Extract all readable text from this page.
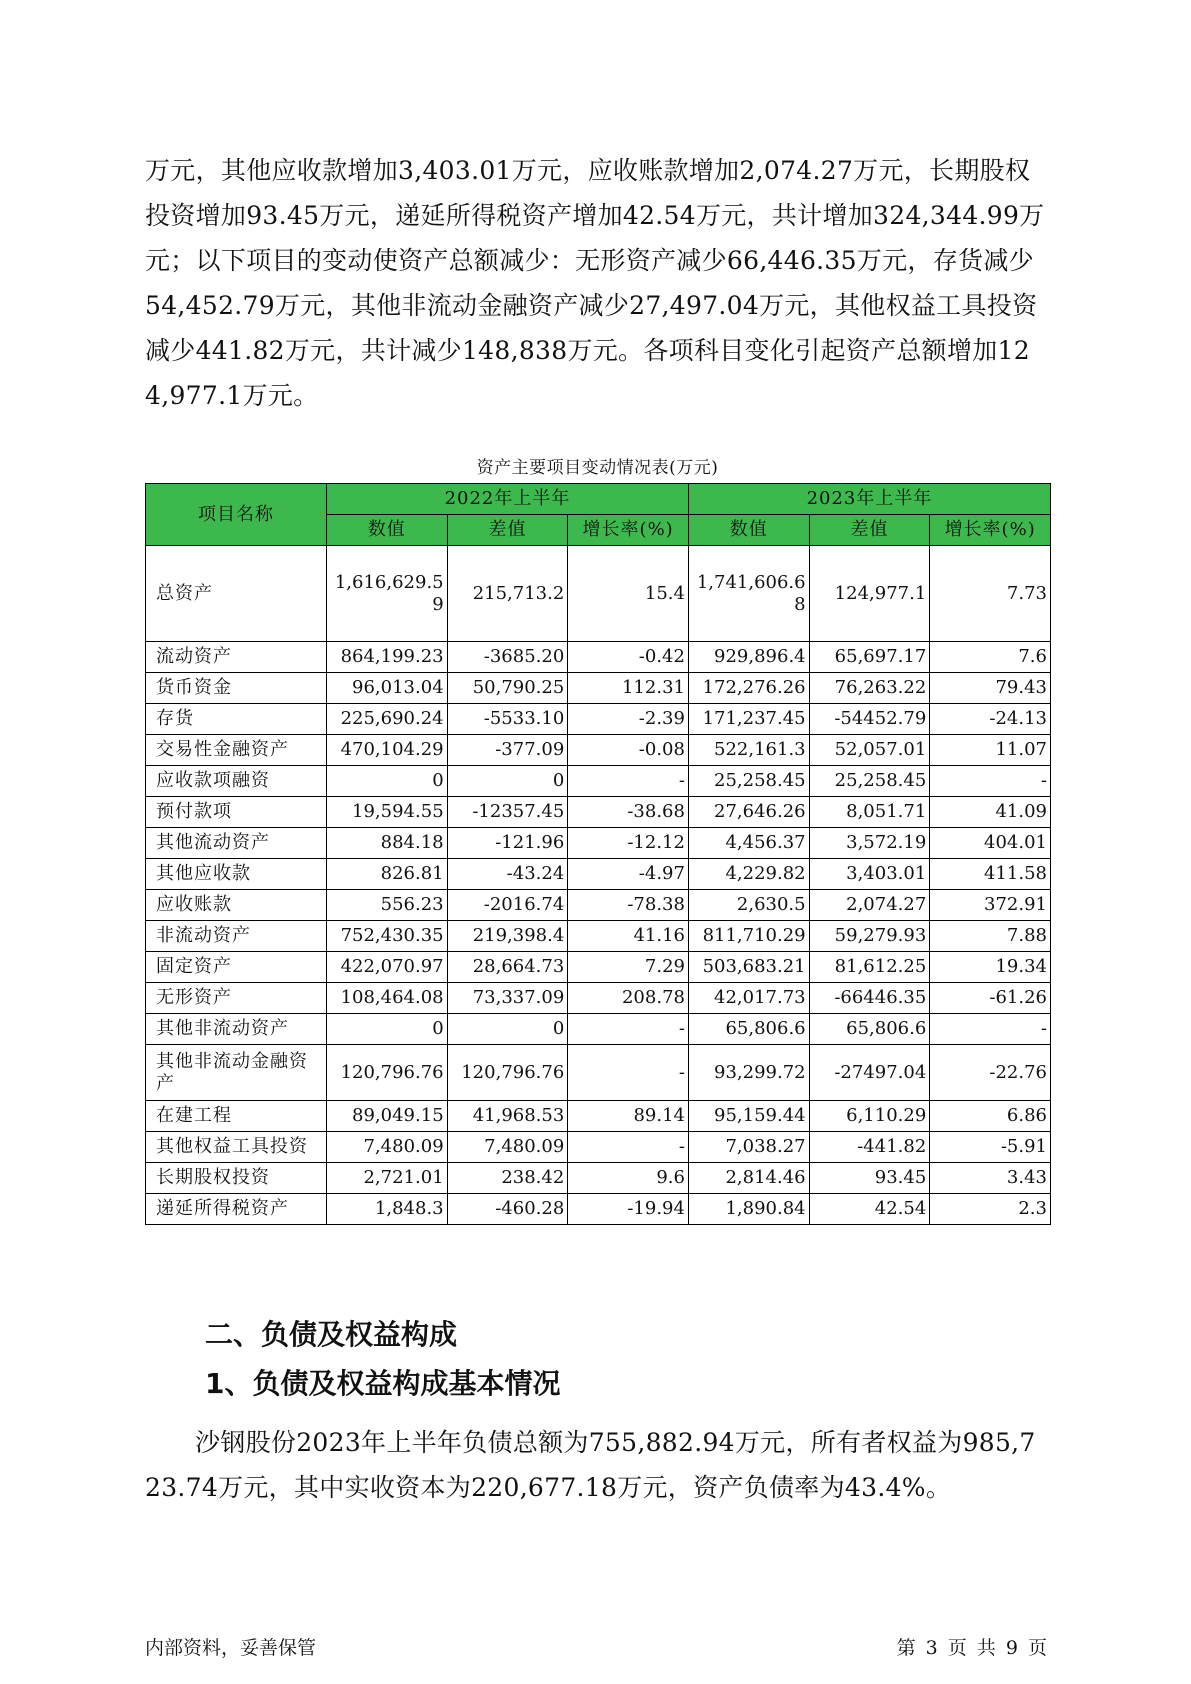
万元，其他应收款增加3,403.01万元，应收账款增加2,074.27万元，长期股权投资增加93.45万元，递延所得税资产增加42.54万元，共计增加324,344.99万元；以下项目的变动使资产总额减少：无形资产减少66,446.35万元，存货减少54,452.79万元，其他非流动金融资产减少27,497.04万元，其他权益工具投资减少441.82万元，共计减少148,838万元。各项科目变化引起资产总额增加124,977.1万元。

资产主要项目变动情况表(万元)
项目名称	2022年上半年			2023年上半年		
	数值	差值	增长率(%)	数值	差值	增长率(%)
总资产	1,616,629.59	215,713.2	15.4	1,741,606.68	124,977.1	7.73
流动资产	864,199.23	-3685.20	-0.42	929,896.4	65,697.17	7.6
货币资金	96,013.04	50,790.25	112.31	172,276.26	76,263.22	79.43
存货	225,690.24	-5533.10	-2.39	171,237.45	-54452.79	-24.13
交易性金融资产	470,104.29	-377.09	-0.08	522,161.3	52,057.01	11.07
应收款项融资	0	0	-	25,258.45	25,258.45	-
预付款项	19,594.55	-12357.45	-38.68	27,646.26	8,051.71	41.09
其他流动资产	884.18	-121.96	-12.12	4,456.37	3,572.19	404.01
其他应收款	826.81	-43.24	-4.97	4,229.82	3,403.01	411.58
应收账款	556.23	-2016.74	-78.38	2,630.5	2,074.27	372.91
非流动资产	752,430.35	219,398.4	41.16	811,710.29	59,279.93	7.88
固定资产	422,070.97	28,664.73	7.29	503,683.21	81,612.25	19.34
无形资产	108,464.08	73,337.09	208.78	42,017.73	-66446.35	-61.26
其他非流动资产	0	0	-	65,806.6	65,806.6	-
其他非流动金融资产	120,796.76	120,796.76	-	93,299.72	-27497.04	-22.76
在建工程	89,049.15	41,968.53	89.14	95,159.44	6,110.29	6.86
其他权益工具投资	7,480.09	7,480.09	-	7,038.27	-441.82	-5.91
长期股权投资	2,721.01	238.42	9.6	2,814.46	93.45	3.43
递延所得税资产	1,848.3	-460.28	-19.94	1,890.84	42.54	2.3
二、负债及权益构成
1、负债及权益构成基本情况

沙钢股份2023年上半年负债总额为755,882.94万元，所有者权益为985,723.74万元，其中实收资本为220,677.18万元，资产负债率为43.4%。

内部资料，妥善保管	第 3 页 共 9 页
